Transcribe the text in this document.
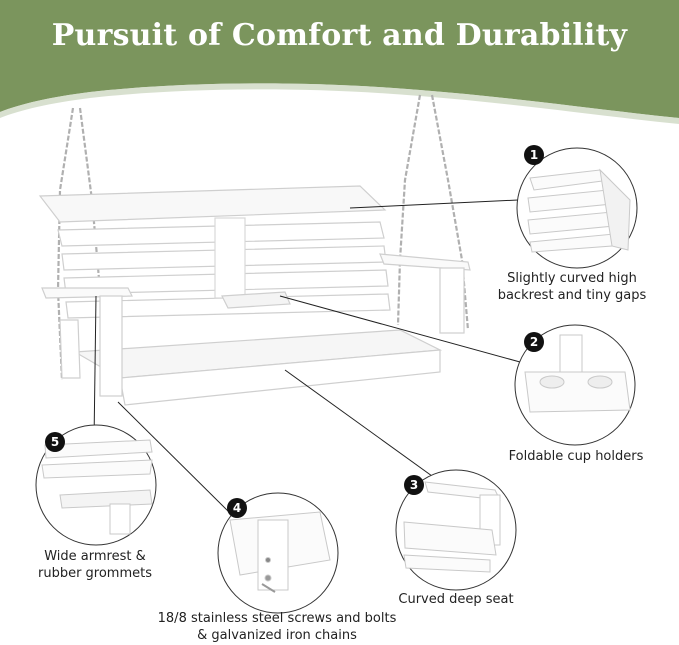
Pursuit of Comfort and Durability
1
2
3
4
5
Slightly curved high backrest and tiny gaps
Foldable cup holders
Curved deep seat
18/8 stainless steel screws and bolts & galvanized iron chains
Wide armrest & rubber grommets
